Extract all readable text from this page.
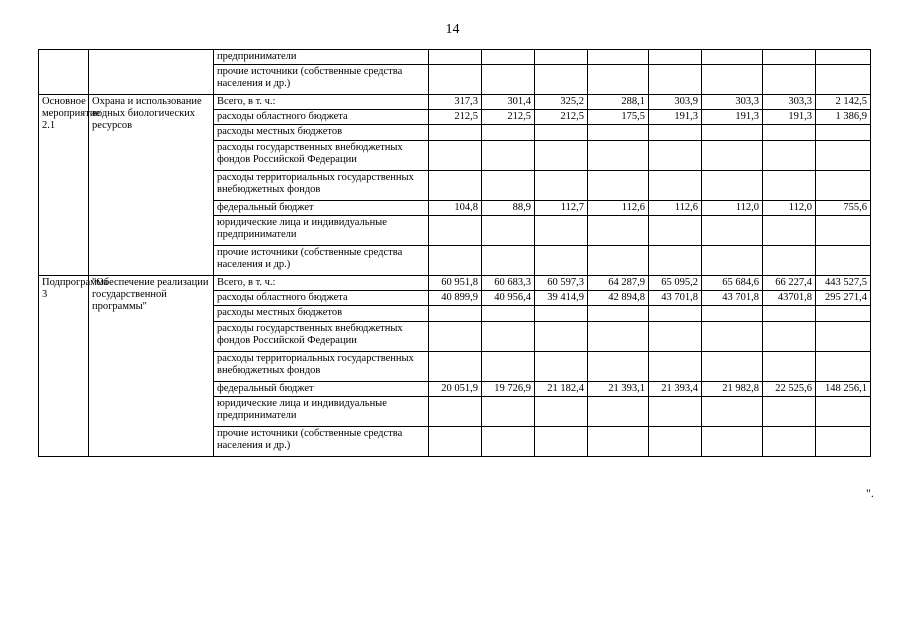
14
		предприниматели								
		прочие источники (собственные средства населения и др.)								
Основное мероприятие 2.1	Охрана и использование водных биологических ресурсов	Всего, в т. ч.:	317,3	301,4	325,2	288,1	303,9	303,3	303,3	2 142,5
		расходы областного бюджета	212,5	212,5	212,5	175,5	191,3	191,3	191,3	1 386,9
		расходы местных бюджетов								
		расходы государственных внебюджетных фондов Российской Федерации								
		расходы территориальных государственных внебюджетных фондов								
		федеральный бюджет	104,8	88,9	112,7	112,6	112,6	112,0	112,0	755,6
		юридические лица и индивидуальные предприниматели								
		прочие источники (собственные средства населения и др.)								
Подпрограмма 3	"Обеспечение реализации государственной программы"	Всего, в т. ч.:	60 951,8	60 683,3	60 597,3	64 287,9	65 095,2	65 684,6	66 227,4	443 527,5
		расходы областного бюджета	40 899,9	40 956,4	39 414,9	42 894,8	43 701,8	43 701,8	43701,8	295 271,4
		расходы местных бюджетов								
		расходы государственных внебюджетных фондов Российской Федерации								
		расходы территориальных государственных внебюджетных фондов								
		федеральный бюджет	20 051,9	19 726,9	21 182,4	21 393,1	21 393,4	21 982,8	22 525,6	148 256,1
		юридические лица и индивидуальные предприниматели								
		прочие источники (собственные средства населения и др.)								
".
